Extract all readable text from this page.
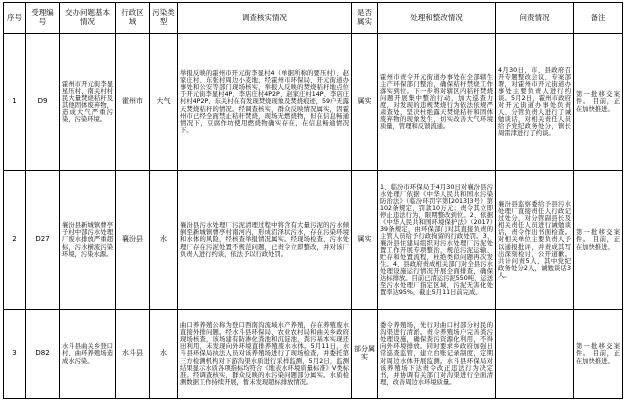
序号	受理编号	交办问题基本情况	行政区域	污染类型	调查核实情况	是否属实	处理和整改情况	问责情况	备注

1	D9	霍州市开元街李显星压村、南关村村民大量焚烧秸秆及其他固体废弃物，造成大气严重污染，污染环境。	霍州市	大气	举报反映的霍州市开元街李显村4（单据所称的要压村）、赵家庄村、东张村周边小麦地，经霍州市环保局、开元街道办事处和公安等部门现场核实，举报人反映的焚烧秸秆地点位于开元街李显村4P、李店庄村4P2P、赵家庄村14P、李店庄村村4P2P、东关村在有发现焚烧现象及焚烧痕迹，59户无露天焚烧秸秆的情况。经调查核实，群众反映情况属实，因霍州市已经全面禁止秸秆焚烧，现场无燃烧物，但在信息畅通情况下，豆腐作坊使用燃烧物确实存在，在信息畅通情况下。	属实	霍州市责令开元街道办事处在全部辖生主产环保部门整治，确保秸秆禁烧工作落实到位。下一步将对辖区内秸秆焚烧问题开展集中整治行动，加大巡查力度，对发现的违规焚烧行为依法依规严肃查处，坚决杜绝露天焚烧秸秆和固体废弃物的现象发生，切实改善大气环境质量，管理和反馈流通。	4月30日，市、县政府召开专题整改会议，专案部署，对霍州市开元街道办事处主要负责人进行约谈。5月2日，霍州市政府对开元街道办事处负责人、分管负责人进行了诫勉谈话，对相关责任人员给予党纪政务处分，镇长周雷津进行了约谈。	第一批移交案件。 目前，正在加快推进。
2	D27	襄汾县新城镇曹亭子村中部污水处理厂废水排放严重超标，污水横流污染环境，污染水源。	襄汾县	水	襄汾县污水处理厂污泥清理过程中将含有大量污泥的污水倾倒至新城镇曹亭村南河内，形成沼泽状污水，存在污染环境和水体的风险，经核查举报情况属实。经现场检查，污水处理厂存在污泥处置不规范问题，已责令立即整改，并对该厂负责人进行约谈，依法予以行政处罚。	属实	1、临汾市环保局于4月30日对襄汾县污水处理厂依据《中华人民共和国水污染防治法》（临汾环罚字第[2013]3号）第102条规定，罚款10万元；责令其立即停止违法行为，限期整改到位。2、依据《中华人民共和国环境保护法》（2017）39条规定，由环保部门对其直接负责的主管人员给予行政拘留的行政处罚。3、襄汾县住建局组织对污水处理厂污泥处置工作开展专项整治，规范污泥运输、贮存和处置流程，杜绝类似问题再次发生。4、县政府责成相关部门对全县污水处理设施运行情况开展全面排查，确保达标排放。目前已清运污泥550吨，运送至污水处理厂指定区域，污泥无害化处置率达95%，截止5月11日前完成。	襄汾县监察委给予县污水处理厂直接责任人行政记过处分，对分管副县长及相关责任人员进行诫勉谈话，责令作出书面检查。对相关单位主要负责人予以通报批评，并责成其写出深刻检讨，公开道歉。共计问责5人，其中党纪政务处分2人，诫勉谈话3人。	第一批移交案件。 目前，正在加快推进。
3	D82	水斗县曲关乡登口村、曲环养殖场造成水污染。	水斗县	水	曲口养养殖公称为登口西南沟流域水产养殖，存在养殖废水直接外排问题。经水斗县环保局、农业农村局和曲关乡政府现场核查，该场建有防渗化粪池和沉淀池，粪污基本实现还田利用，未发现向外环境直排养殖废水水体。5月11日，水斗县环保局执法人员对该养殖场进行了现场检查，并委托第三方检测机构对下游沟渠水质进行采样监测，5月2日，监测结果显示水质各项指标均符合《地表水环境质量标准》Ⅴ类标准。经调查核实，群众反映的水污染问题部分属实。水质检测数据工作持续开展，暂未发现超标排放情况。	部分属实	委令养殖场，先行对曲口村部分村民的沟渠进行清淤。责令养殖场户完善粪污处理设施，确保粪污资源化利用，不得向外环境排放。同时要求乡政府加强日常巡查监管，建立台账记录制度，定期对周边水体开展监测。水斗县环保局对该养殖场下达责令改正违法行为决定书，并协调有关部门对沟渠进行全面清理，改善周边水环境质量。		第一批移交案件。 目前，正在加快推进。
